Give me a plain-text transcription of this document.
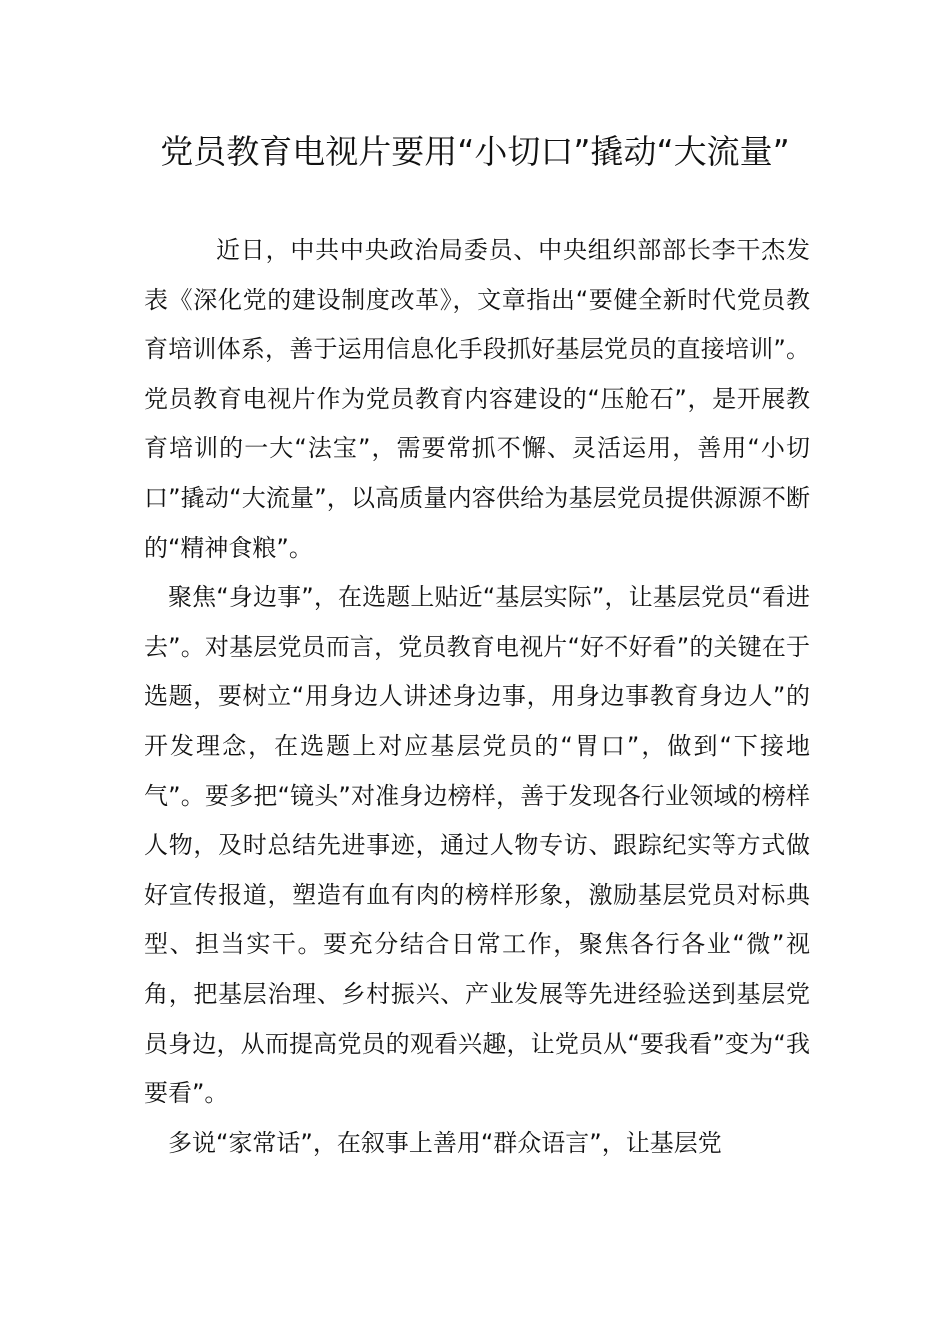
党员教育电视片要用“小切口”撬动“大流量”

近日，中共中央政治局委员、中央组织部部长李干杰发表《深化党的建设制度改革》，文章指出“要健全新时代党员教育培训体系，善于运用信息化手段抓好基层党员的直接培训”。党员教育电视片作为党员教育内容建设的“压舱石”，是开展教育培训的一大“法宝”，需要常抓不懈、灵活运用，善用“小切口”撬动“大流量”，以高质量内容供给为基层党员提供源源不断的“精神食粮”。

聚焦“身边事”，在选题上贴近“基层实际”，让基层党员“看进去”。对基层党员而言，党员教育电视片“好不好看”的关键在于选题，要树立“用身边人讲述身边事，用身边事教育身边人”的开发理念，在选题上对应基层党员的“胃口”，做到“下接地气”。要多把“镜头”对准身边榜样，善于发现各行业领域的榜样人物，及时总结先进事迹，通过人物专访、跟踪纪实等方式做好宣传报道，塑造有血有肉的榜样形象，激励基层党员对标典型、担当实干。要充分结合日常工作，聚焦各行各业“微”视角，把基层治理、乡村振兴、产业发展等先进经验送到基层党员身边，从而提高党员的观看兴趣，让党员从“要我看”变为“我要看”。

多说“家常话”，在叙事上善用“群众语言”，让基层党
